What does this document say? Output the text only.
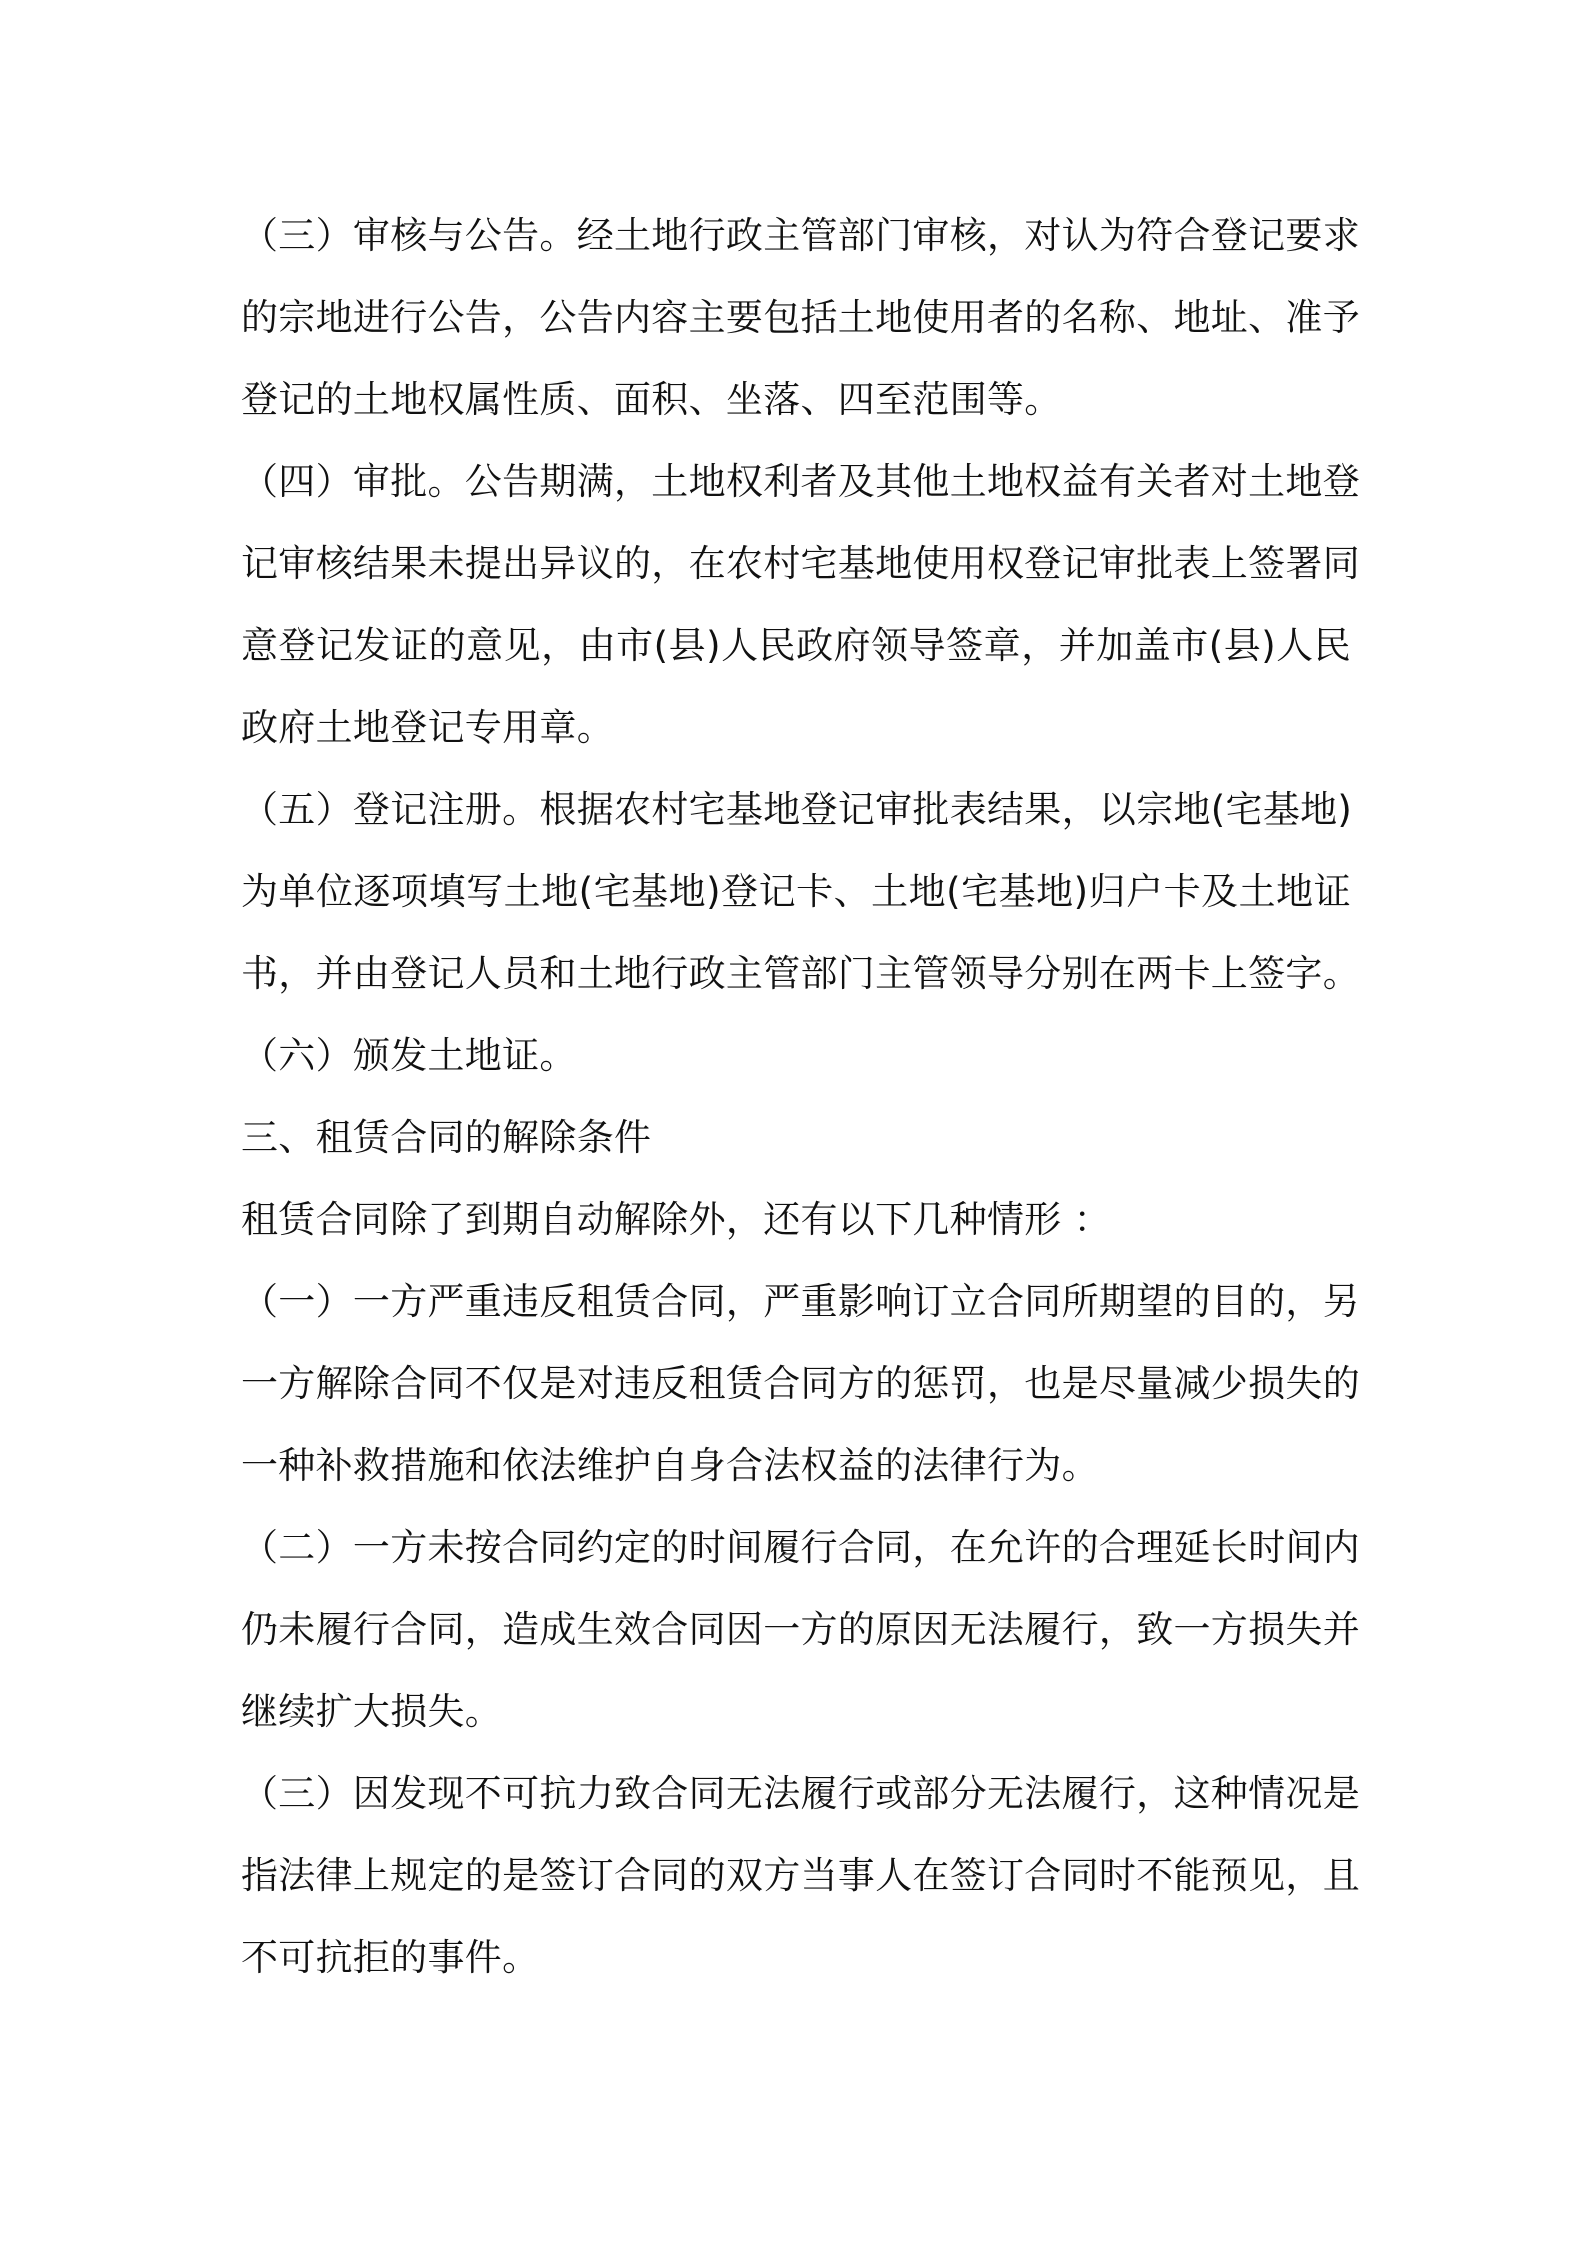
（三）审核与公告。经土地行政主管部门审核，对认为符合登记要求
的宗地进行公告，公告内容主要包括土地使用者的名称、地址、准予
登记的土地权属性质、面积、坐落、四至范围等。

（四）审批。公告期满，土地权利者及其他土地权益有关者对土地登
记审核结果未提出异议的，在农村宅基地使用权登记审批表上签署同
意登记发证的意见，由市(县)人民政府领导签章，并加盖市(县)人民
政府土地登记专用章。

（五）登记注册。根据农村宅基地登记审批表结果，以宗地(宅基地)
为单位逐项填写土地(宅基地)登记卡、土地(宅基地)归户卡及土地证
书，并由登记人员和土地行政主管部门主管领导分别在两卡上签字。

（六）颁发土地证。

三、租赁合同的解除条件

租赁合同除了到期自动解除外，还有以下几种情形 ：

（一）一方严重违反租赁合同，严重影响订立合同所期望的目的，另
一方解除合同不仅是对违反租赁合同方的惩罚，也是尽量减少损失的
一种补救措施和依法维护自身合法权益的法律行为。

（二）一方未按合同约定的时间履行合同，在允许的合理延长时间内
仍未履行合同，造成生效合同因一方的原因无法履行，致一方损失并
继续扩大损失。

（三）因发现不可抗力致合同无法履行或部分无法履行，这种情况是
指法律上规定的是签订合同的双方当事人在签订合同时不能预见，且
不可抗拒的事件。
